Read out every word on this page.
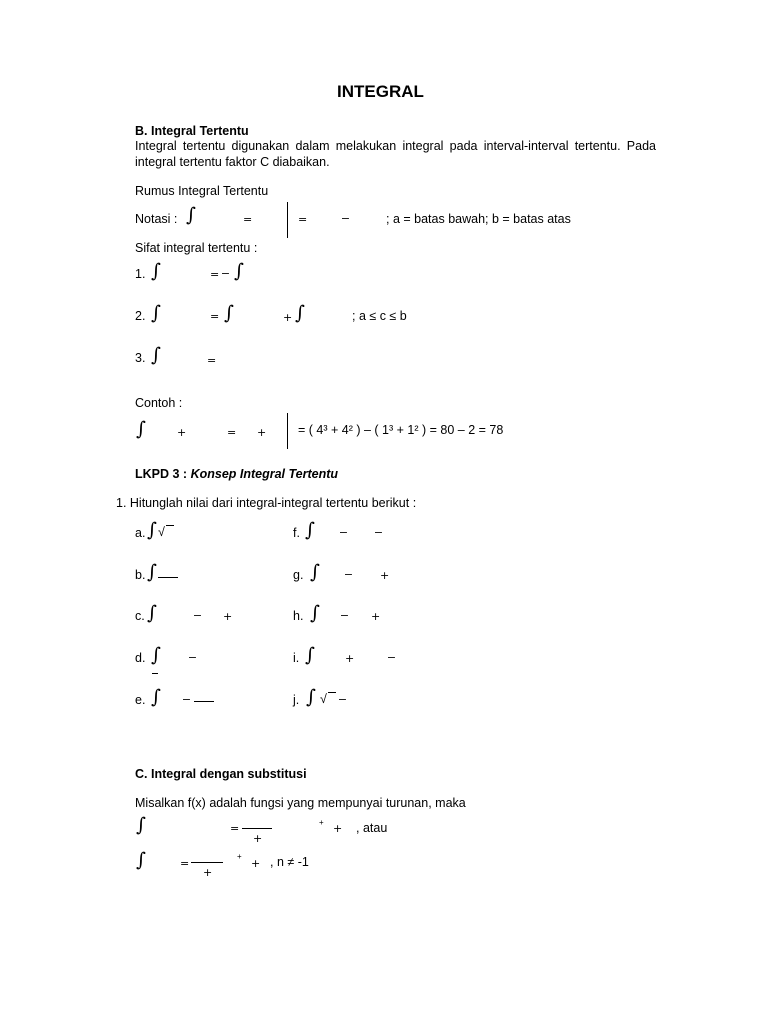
INTEGRAL
B. Integral Tertentu
Integral tertentu digunakan dalam melakukan integral pada interval-interval tertentu. Pada integral tertentu faktor C diabaikan.
Rumus Integral Tertentu
Notasi : ∫	=	=	–	; a = batas bawah; b = batas atas
Sifat integral tertentu :
1. ∫	= – ∫
2. ∫	= ∫	+ ∫	; a ≤ c ≤ b
3. ∫	=
Contoh :
∫	+	= +	= ( 4³ + 4² ) – ( 1³ + 1² ) = 80 – 2 = 78
LKPD 3 : Konsep Integral Tertentu
1. Hitunglah nilai dari integral-integral tertentu berikut :
a. ∫ √
b. ∫
c. ∫	– +
d. ∫ –
e. ∫ –
f. ∫ – –
g. ∫ –	+
h. ∫ – +
i. ∫	+	–
j. ∫ √ –
C. Integral dengan substitusi
Misalkan f(x) adalah fungsi yang mempunyai turunan, maka
∫	=
+
+ + , atau
∫	=
+
+
+ , n ≠ -1
